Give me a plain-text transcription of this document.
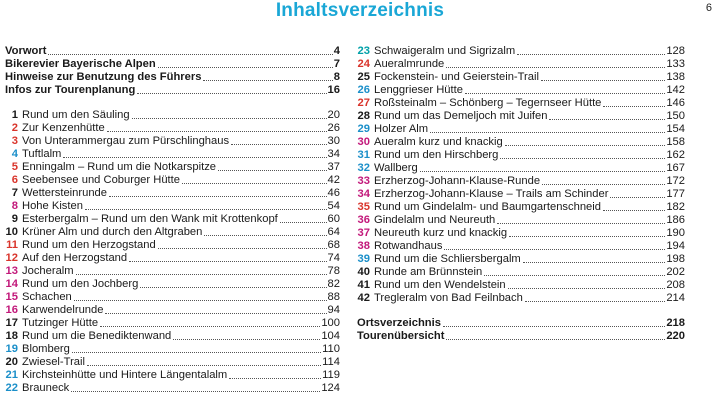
Inhaltsverzeichnis	6
Vorwort	4
Bikerevier Bayerische Alpen	7
Hinweise zur Benutzung des Führers	8
Infos zur Tourenplanung	16
1 Rund um den Säuling	20
2 Zur Kenzenhütte	26
3 Von Unterammergau zum Pürschlinghaus	30
4 Tuftlalm	34
5 Enningalm – Rund um die Notkarspitze	37
6 Seebensee und Coburger Hütte	42
7 Wettersteinrunde	46
8 Hohe Kisten	54
9 Esterbergalm – Rund um den Wank mit Krottenkopf	60
10 Krüner Alm und durch den Altgraben	64
11 Rund um den Herzogstand	68
12 Auf den Herzogstand	74
13 Jocheralm	78
14 Rund um den Jochberg	82
15 Schachen	88
16 Karwendelrunde	94
17 Tutzinger Hütte	100
18 Rund um die Benediktenwand	104
19 Blomberg	110
20 Zwiesel-Trail	114
21 Kirchsteinhütte und Hintere Längentalalm	119
22 Brauneck	124
23 Schwaigeralm und Sigrizalm	128
24 Aueralmrunde	133
25 Fockenstein- und Geierstein-Trail	138
26 Lenggrieser Hütte	142
27 Roßsteinalm – Schönberg – Tegernseer Hütte	146
28 Rund um das Demeljoch mit Juifen	150
29 Holzer Alm	154
30 Aueralm kurz und knackig	158
31 Rund um den Hirschberg	162
32 Wallberg	167
33 Erzherzog-Johann-Klause-Runde	172
34 Erzherzog-Johann-Klause – Trails am Schinder	177
35 Rund um Gindelalm- und Baumgartenschneid	182
36 Gindelalm und Neureuth	186
37 Neureuth kurz und knackig	190
38 Rotwandhaus	194
39 Rund um die Schliersbergalm	198
40 Runde am Brünnstein	202
41 Rund um den Wendelstein	208
42 Tregleralm von Bad Feilnbach	214
Ortsverzeichnis	218
Tourenübersicht	220
